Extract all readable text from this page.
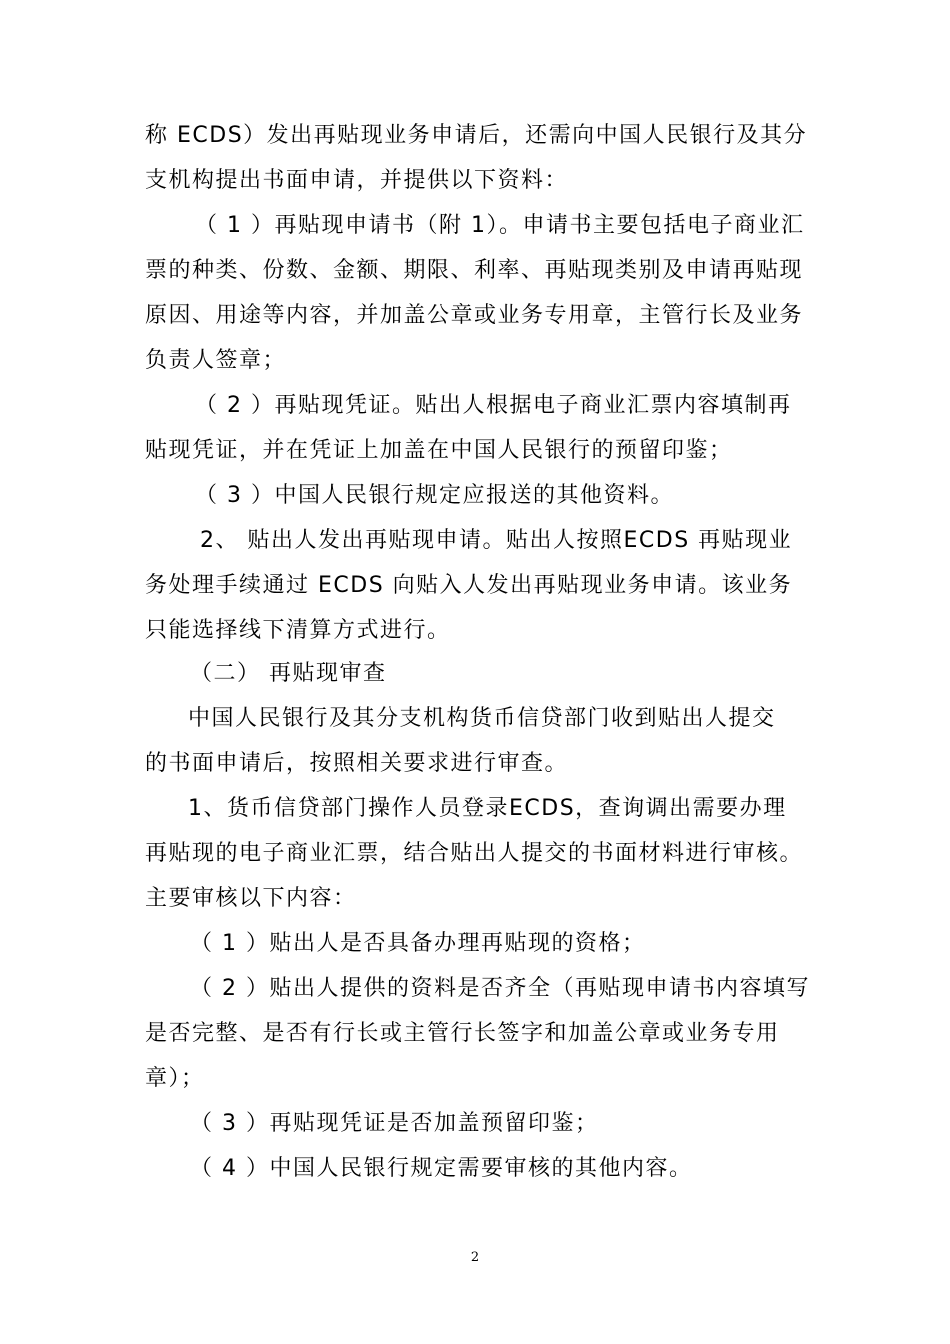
称 ECDS）发出再贴现业务申请后，还需向中国人民银行及其分
支机构提出书面申请，并提供以下资料：
（ 1 ）再贴现申请书（附 1）。申请书主要包括电子商业汇
票的种类、份数、金额、期限、利率、再贴现类别及申请再贴现
原因、用途等内容，并加盖公章或业务专用章，主管行长及业务
负责人签章；
（ 2 ）再贴现凭证。贴出人根据电子商业汇票内容填制再
贴现凭证，并在凭证上加盖在中国人民银行的预留印鉴；
（ 3 ）中国人民银行规定应报送的其他资料。
2、 贴出人发出再贴现申请。贴出人按照ECDS 再贴现业
务处理手续通过 ECDS 向贴入人发出再贴现业务申请。该业务
只能选择线下清算方式进行。
（二） 再贴现审查
中国人民银行及其分支机构货币信贷部门收到贴出人提交
的书面申请后，按照相关要求进行审查。
1、货币信贷部门操作人员登录ECDS，查询调出需要办理
再贴现的电子商业汇票，结合贴出人提交的书面材料进行审核。
主要审核以下内容：
（ 1 ）贴出人是否具备办理再贴现的资格；
（ 2 ）贴出人提供的资料是否齐全（再贴现申请书内容填写
是否完整、是否有行长或主管行长签字和加盖公章或业务专用
章）；
（ 3 ）再贴现凭证是否加盖预留印鉴；
（ 4 ）中国人民银行规定需要审核的其他内容。
2
